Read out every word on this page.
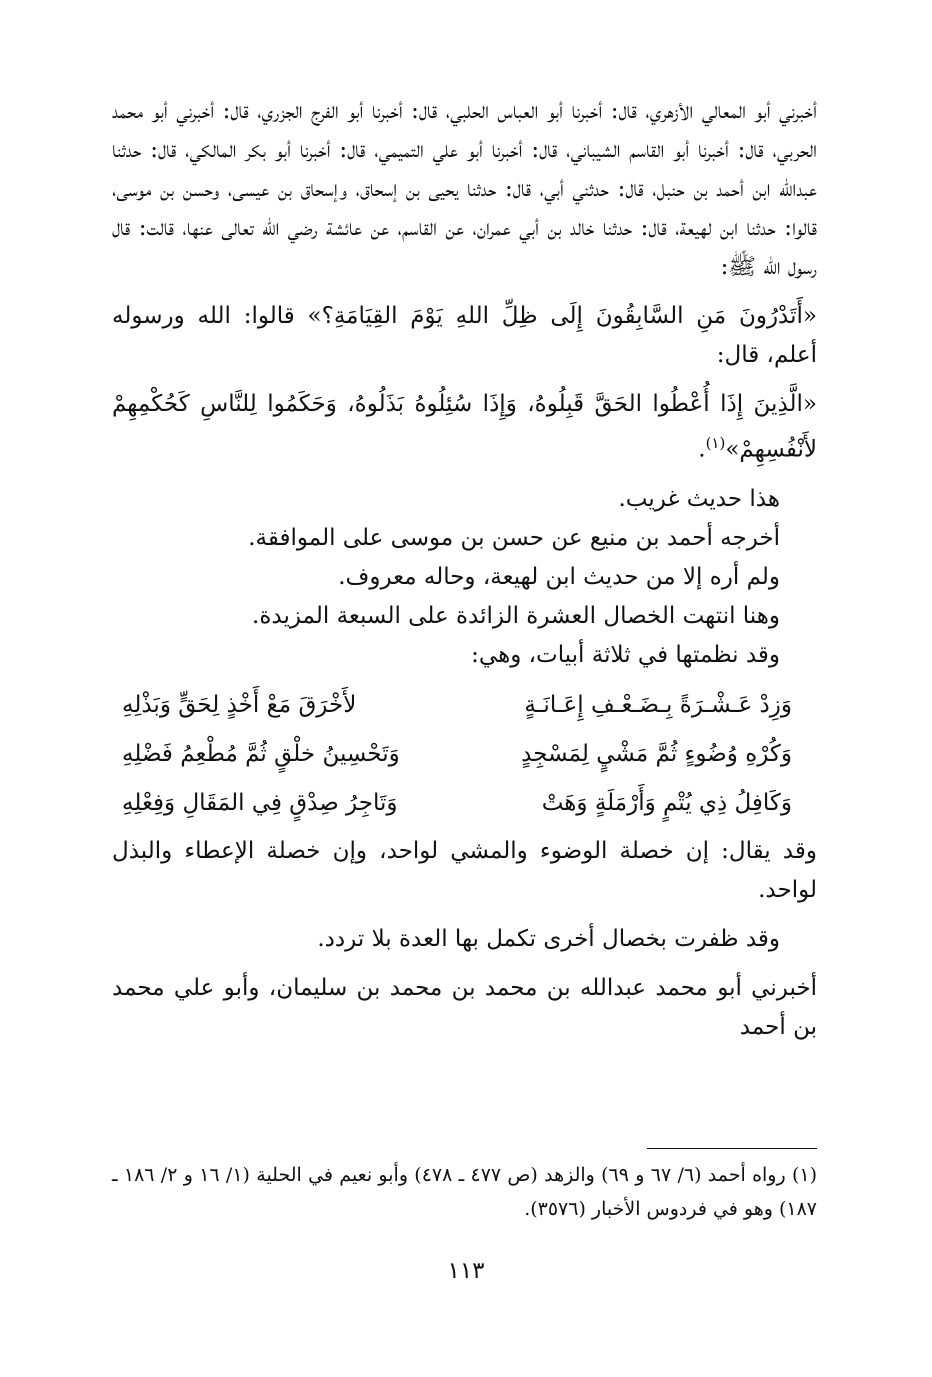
أخبرني أبو المعالي الأزهري، قال: أخبرنا أبو العباس الحلبي، قال: أخبرنا أبو الفرج الجزري، قال: أخبرني أبو محمد الحربي، قال: أخبرنا أبو القاسم الشيباني، قال: أخبرنا أبو علي التميمي، قال: أخبرنا أبو بكر المالكي، قال: حدثنا عبدالله ابن أحمد بن حنبل، قال: حدثني أبي، قال: حدثنا يحيى بن إسحاق، وإسحاق بن عيسى، وحسن بن موسى، قالوا: حدثنا ابن لهيعة، قال: حدثنا خالد بن أبي عمران، عن القاسم، عن عائشة رضي الله تعالى عنها، قالت: قال رسول الله ﷺ:

«أَتَدْرُونَ مَنِ السَّابِقُونَ إِلَى ظِلِّ اللهِ يَوْمَ القِيَامَةِ؟» قالوا: الله ورسوله أعلم، قال:

«الَّذِينَ إِذَا أُعْطُوا الحَقَّ قَبِلُوهُ، وَإِذَا سُئِلُوهُ بَذَلُوهُ، وَحَكَمُوا لِلنَّاسِ كَحُكْمِهِمْ لأَنْفُسِهِمْ»$^{(١)}$.

هذا حديث غريب.

أخرجه أحمد بن منيع عن حسن بن موسى على الموافقة.

ولم أره إلا من حديث ابن لهيعة، وحاله معروف.

وهنا انتهت الخصال العشرة الزائدة على السبعة المزيدة.

وقد نظمتها في ثلاثة أبيات، وهي:

وَزِدْ عَـشْـرَةً بِـضَـعْـفِ إِعَـانَـةٍ
لأَخْرَقَ مَعْ أَخْذٍ لِحَقٍّ وَبَذْلِهِ
وَكُرْهِ وُضُوءٍ ثُمَّ مَشْيٍ لِمَسْجِدٍ
وَتَحْسِينُ خلْقٍ ثُمَّ مُطْعِمُ فَضْلِهِ
وَكَافِلُ ذِي يُتْمٍ وَأَرْمَلَةٍ وَهَتْ
وَتَاجِرُ صِدْقٍ فِي المَقَالِ وَفِعْلِهِ

وقد يقال: إن خصلة الوضوء والمشي لواحد، وإن خصلة الإعطاء والبذل لواحد.

وقد ظفرت بخصال أخرى تكمل بها العدة بلا تردد.

أخبرني أبو محمد عبدالله بن محمد بن محمد بن سليمان، وأبو علي محمد بن أحمد

(١) رواه أحمد (٦/ ٦٧ و ٦٩) والزهد (ص ٤٧٧ ـ ٤٧٨) وأبو نعيم في الحلية (١/ ١٦ و ٢/ ١٨٦ ـ ١٨٧) وهو في فردوس الأخبار (٣٥٧٦).

١١٣
